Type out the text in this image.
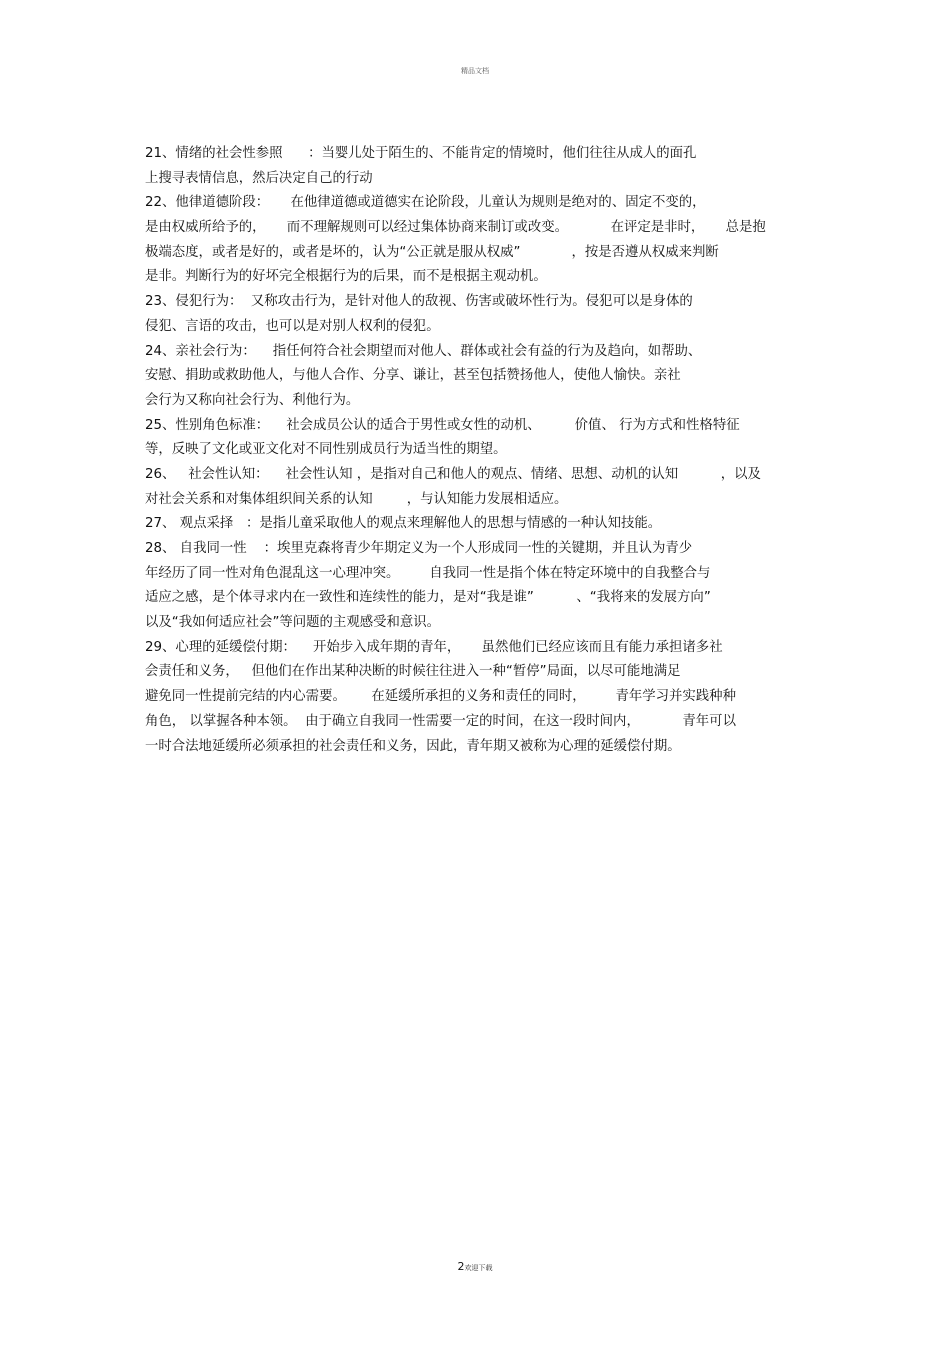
精品文档
21、情绪的社会性参照      ：当婴儿处于陌生的、不能肯定的情境时，他们往往从成人的面孔
上搜寻表情信息，然后决定自己的行动
22、他律道德阶段：     在他律道德或道德实在论阶段，儿童认为规则是绝对的、固定不变的，
是由权威所给予的，     而不理解规则可以经过集体协商来制订或改变。          在评定是非时，     总是抱
极端态度，或者是好的，或者是坏的，认为“公正就是服从权威”            ，按是否遵从权威来判断
是非。判断行为的好坏完全根据行为的后果，而不是根据主观动机。
23、侵犯行为：  又称攻击行为，是针对他人的敌视、伤害或破坏性行为。侵犯可以是身体的
侵犯、言语的攻击，也可以是对别人权利的侵犯。
24、亲社会行为：    指任何符合社会期望而对他人、群体或社会有益的行为及趋向，如帮助、
安慰、捐助或救助他人，与他人合作、分享、谦让，甚至包括赞扬他人，使他人愉快。亲社
会行为又称向社会行为、利他行为。
25、性别角色标准：    社会成员公认的适合于男性或女性的动机、        价值、 行为方式和性格特征
等，反映了文化或亚文化对不同性别成员行为适当性的期望。
26、   社会性认知：    社会性认知 ，是指对自己和他人的观点、情绪、思想、动机的认知          ，以及
对社会关系和对集体组织间关系的认知        ，与认知能力发展相适应。
27、 观点采择   ：是指儿童采取他人的观点来理解他人的思想与情感的一种认知技能。
28、 自我同一性    ：埃里克森将青少年期定义为一个人形成同一性的关键期，并且认为青少
年经历了同一性对角色混乱这一心理冲突。       自我同一性是指个体在特定环境中的自我整合与
适应之感，是个体寻求内在一致性和连续性的能力，是对“我是谁”          、“我将来的发展方向”
以及“我如何适应社会”等问题的主观感受和意识。
29、心理的延缓偿付期：    开始步入成年期的青年，     虽然他们已经应该而且有能力承担诸多社
会责任和义务，   但他们在作出某种决断的时候往往进入一种“暂停”局面，以尽可能地满足
避免同一性提前完结的内心需要。      在延缓所承担的义务和责任的同时，       青年学习并实践种种
角色， 以掌握各种本领。  由于确立自我同一性需要一定的时间，在这一段时间内，          青年可以
一时合法地延缓所必须承担的社会责任和义务，因此，青年期又被称为心理的延缓偿付期。
2欢迎下载
